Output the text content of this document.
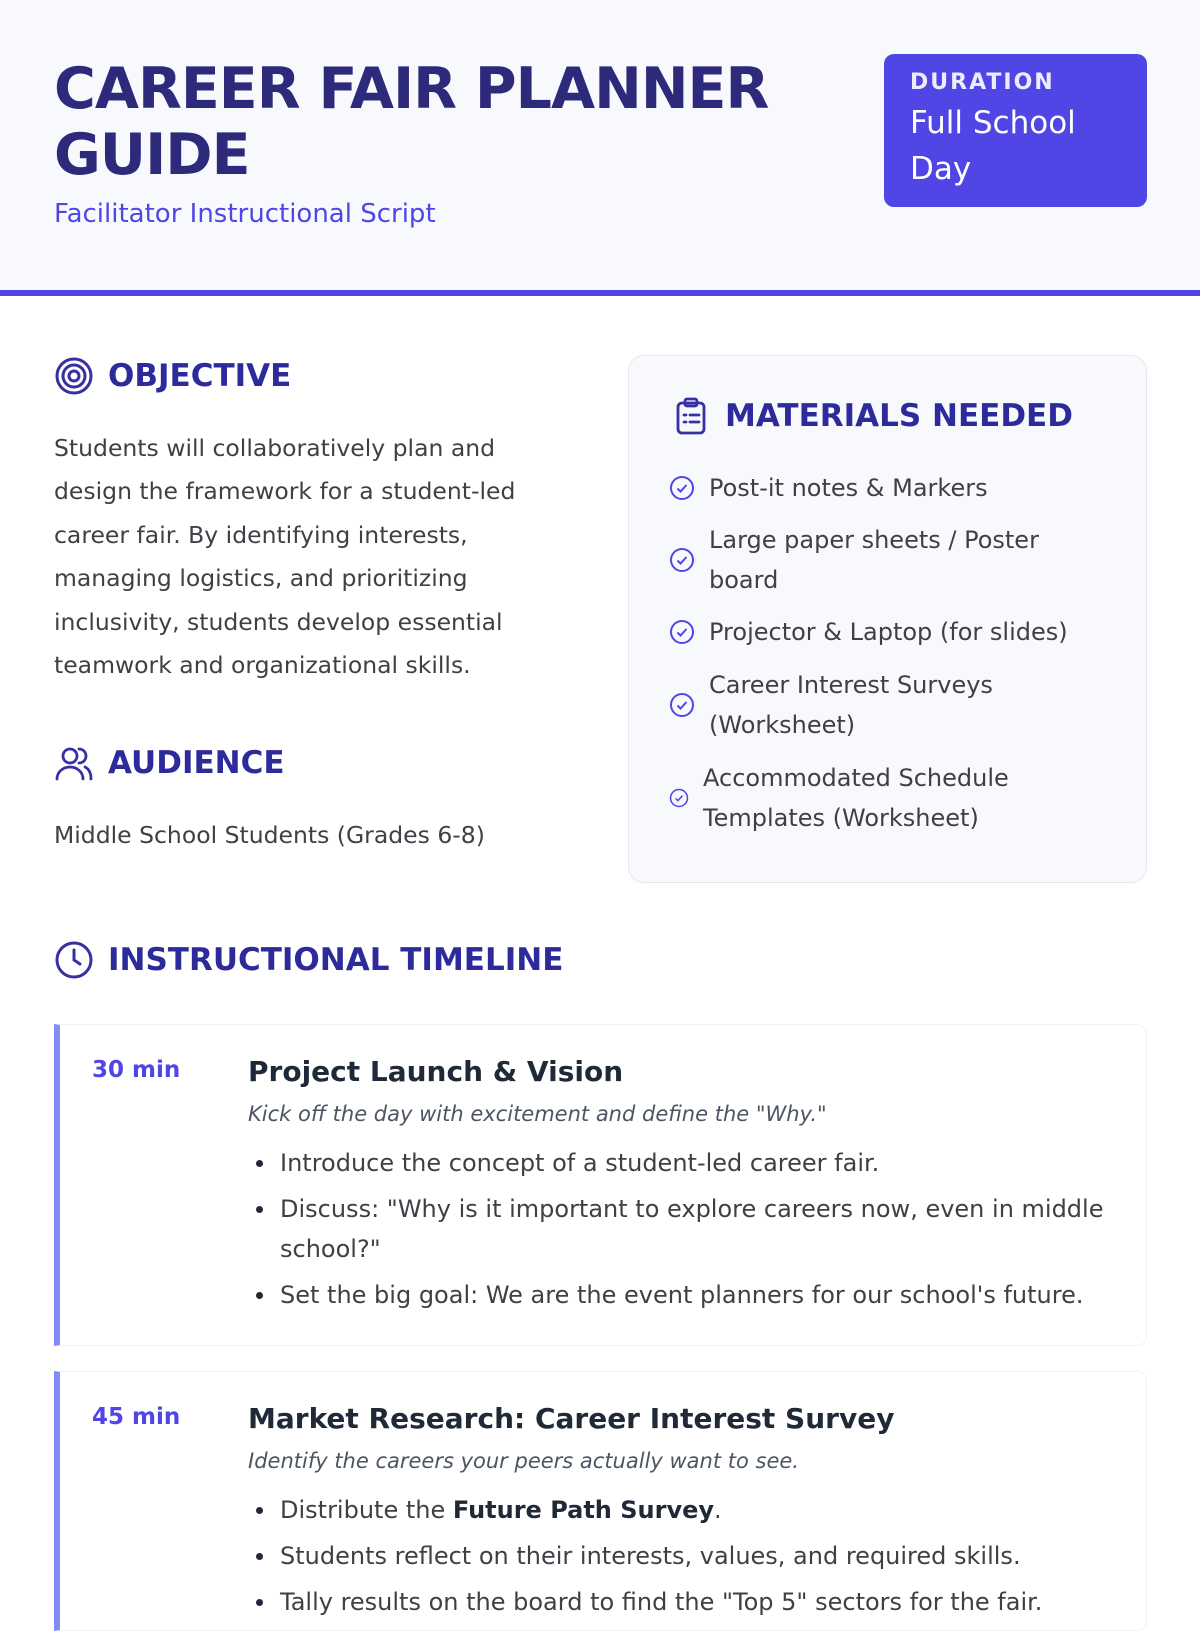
CAREER FAIR PLANNER GUIDE
Facilitator Instructional Script
DURATION
Full School Day
OBJECTIVE
Students will collaboratively plan and design the framework for a student-led career fair. By identifying interests, managing logistics, and prioritizing inclusivity, students develop essential teamwork and organizational skills.
AUDIENCE
Middle School Students (Grades 6-8)
MATERIALS NEEDED
Post-it notes & Markers
Large paper sheets / Poster board
Projector & Laptop (for slides)
Career Interest Surveys (Worksheet)
Accommodated Schedule Templates (Worksheet)
INSTRUCTIONAL TIMELINE
30 min Project Launch & Vision
Kick off the day with excitement and define the "Why."
Introduce the concept of a student-led career fair.
Discuss: "Why is it important to explore careers now, even in middle school?"
Set the big goal: We are the event planners for our school's future.
45 min Market Research: Career Interest Survey
Identify the careers your peers actually want to see.
Distribute the Future Path Survey.
Students reflect on their interests, values, and required skills.
Tally results on the board to find the "Top 5" sectors for the fair.
